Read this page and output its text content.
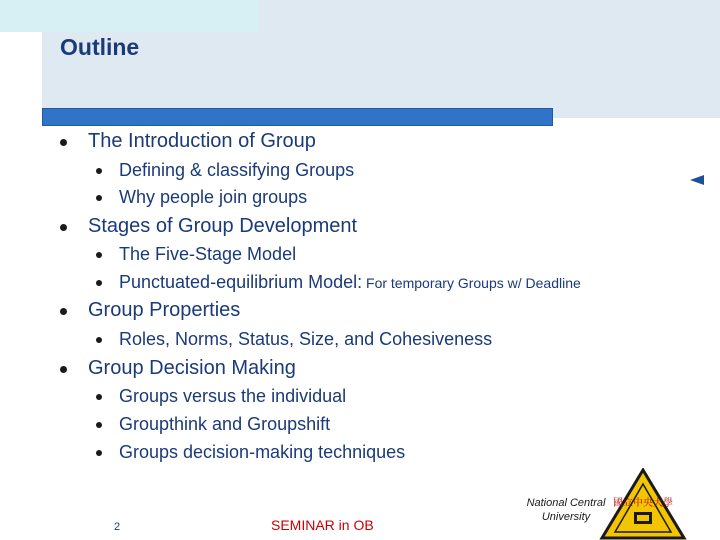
Outline
The Introduction of Group
Defining & classifying Groups
Why people join groups
Stages of Group Development
The Five-Stage Model
Punctuated-equilibrium Model: For temporary Groups w/ Deadline
Group Properties
Roles, Norms, Status, Size, and Cohesiveness
Group Decision Making
Groups versus the individual
Groupthink and Groupshift
Groups decision-making techniques
2	SEMINAR in OB
National Central
University
國立中央大學
